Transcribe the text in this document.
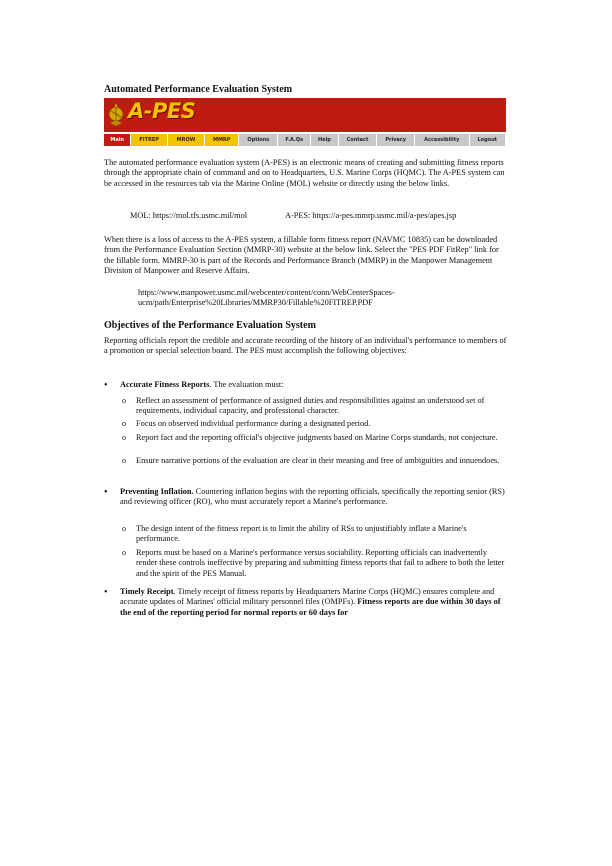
Automated Performance Evaluation System
A-PES
Main	FITREP	MROW	MMRP	Options	F.A.Qs	Help	Contact	Privacy	Accessibility	Logout
The automated performance evaluation system (A-PES) is an electronic means of creating and submitting fitness reports through the appropriate chain of command and on to Headquarters, U.S. Marine Corps (HQMC). The A-PES system can be accessed in the resources tab via the Marine Online (MOL) website or directly using the below links.
MOL: https://mol.tfs.usmc.mil/mol	A-PES: https://a-pes.mmrp.usmc.mil/a-pes/apes.jsp
When there is a loss of access to the A-PES system, a fillable form fitness report (NAVMC 10835) can be downloaded from the Performance Evaluation Section (MMRP-30) website at the below link. Select the "PES PDF FitRep" link for the fillable form. MMRP-30 is part of the Records and Performance Branch (MMRP) in the Manpower Management Division of Manpower and Reserve Affairs.
https://www.manpower.usmc.mil/webcenter/content/conn/WebCenterSpaces-
ucm/path/Enterprise%20Libraries/MMRP30/Fillable%20FITREP.PDF
Objectives of the Performance Evaluation System
Reporting officials report the credible and accurate recording of the history of an individual's performance to members of a promotion or special selection board. The PES must accomplish the following objectives:
• Accurate Fitness Reports. The evaluation must:
o Reflect an assessment of performance of assigned duties and responsibilities against an understood set of requirements, individual capacity, and professional character.
o Focus on observed individual performance during a designated period.
o Report fact and the reporting official's objective judgments based on Marine Corps standards, not conjecture.
o Ensure narrative portions of the evaluation are clear in their meaning and free of ambiguities and innuendoes.
• Preventing Inflation. Countering inflation begins with the reporting officials, specifically the reporting senior (RS) and reviewing officer (RO), who must accurately report a Marine's performance.
o The design intent of the fitness report is to limit the ability of RSs to unjustifiably inflate a Marine's performance.
o Reports must be based on a Marine's performance versus sociability. Reporting officials can inadvertently render these controls ineffective by preparing and submitting fitness reports that fail to adhere to both the letter and the spirit of the PES Manual.
• Timely Receipt. Timely receipt of fitness reports by Headquarters Marine Corps (HQMC) ensures complete and accurate updates of Marines' official military personnel files (OMPFs). Fitness reports are due within 30 days of the end of the reporting period for normal reports or 60 days for
